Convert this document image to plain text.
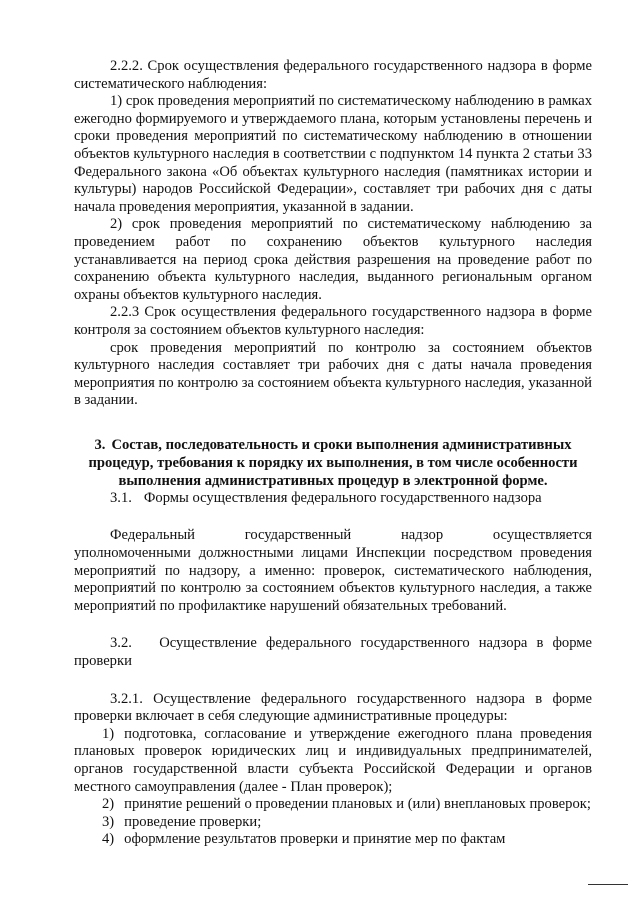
2.2.2. Срок осуществления федерального государственного надзора в форме систематического наблюдения:

1) срок проведения мероприятий по систематическому наблюдению в рамках ежегодно формируемого и утверждаемого плана, которым установлены перечень и сроки проведения мероприятий по систематическому наблюдению в отношении объектов культурного наследия в соответствии с подпунктом 14 пункта 2 статьи 33 Федерального закона «Об объектах культурного наследия (памятниках истории и культуры) народов Российской Федерации», составляет три рабочих дня с даты начала проведения мероприятия, указанной в задании.

2) срок проведения мероприятий по систематическому наблюдению за проведением работ по сохранению объектов культурного наследия устанавливается на период срока действия разрешения на проведение работ по сохранению объекта культурного наследия, выданного региональным органом охраны объектов культурного наследия.

2.2.3 Срок осуществления федерального государственного надзора в форме контроля за состоянием объектов культурного наследия:

срок проведения мероприятий по контролю за состоянием объектов культурного наследия составляет три рабочих дня с даты начала проведения мероприятия по контролю за состоянием объекта культурного наследия, указанной в задании.

3. Состав, последовательность и сроки выполнения административных процедур, требования к порядку их выполнения, в том числе особенности выполнения административных процедур в электронной форме.

3.1. Формы осуществления федерального государственного надзора

Федеральный	государственный	надзор	осуществляется

уполномоченными должностными лицами Инспекции посредством проведения мероприятий по надзору, а именно: проверок, систематического наблюдения, мероприятий по контролю за состоянием объектов культурного наследия, а также мероприятий по профилактике нарушений обязательных требований.

3.2. Осуществление федерального государственного надзора в форме проверки

3.2.1. Осуществление федерального государственного надзора в форме проверки включает в себя следующие административные процедуры:

1) подготовка, согласование и утверждение ежегодного плана проведения плановых проверок юридических лиц и индивидуальных предпринимателей, органов государственной власти субъекта Российской Федерации и органов местного самоуправления (далее - План проверок);

2) принятие решений о проведении плановых и (или) внеплановых проверок;

3) проведение проверки;

4) оформление результатов проверки и принятие мер по фактам
